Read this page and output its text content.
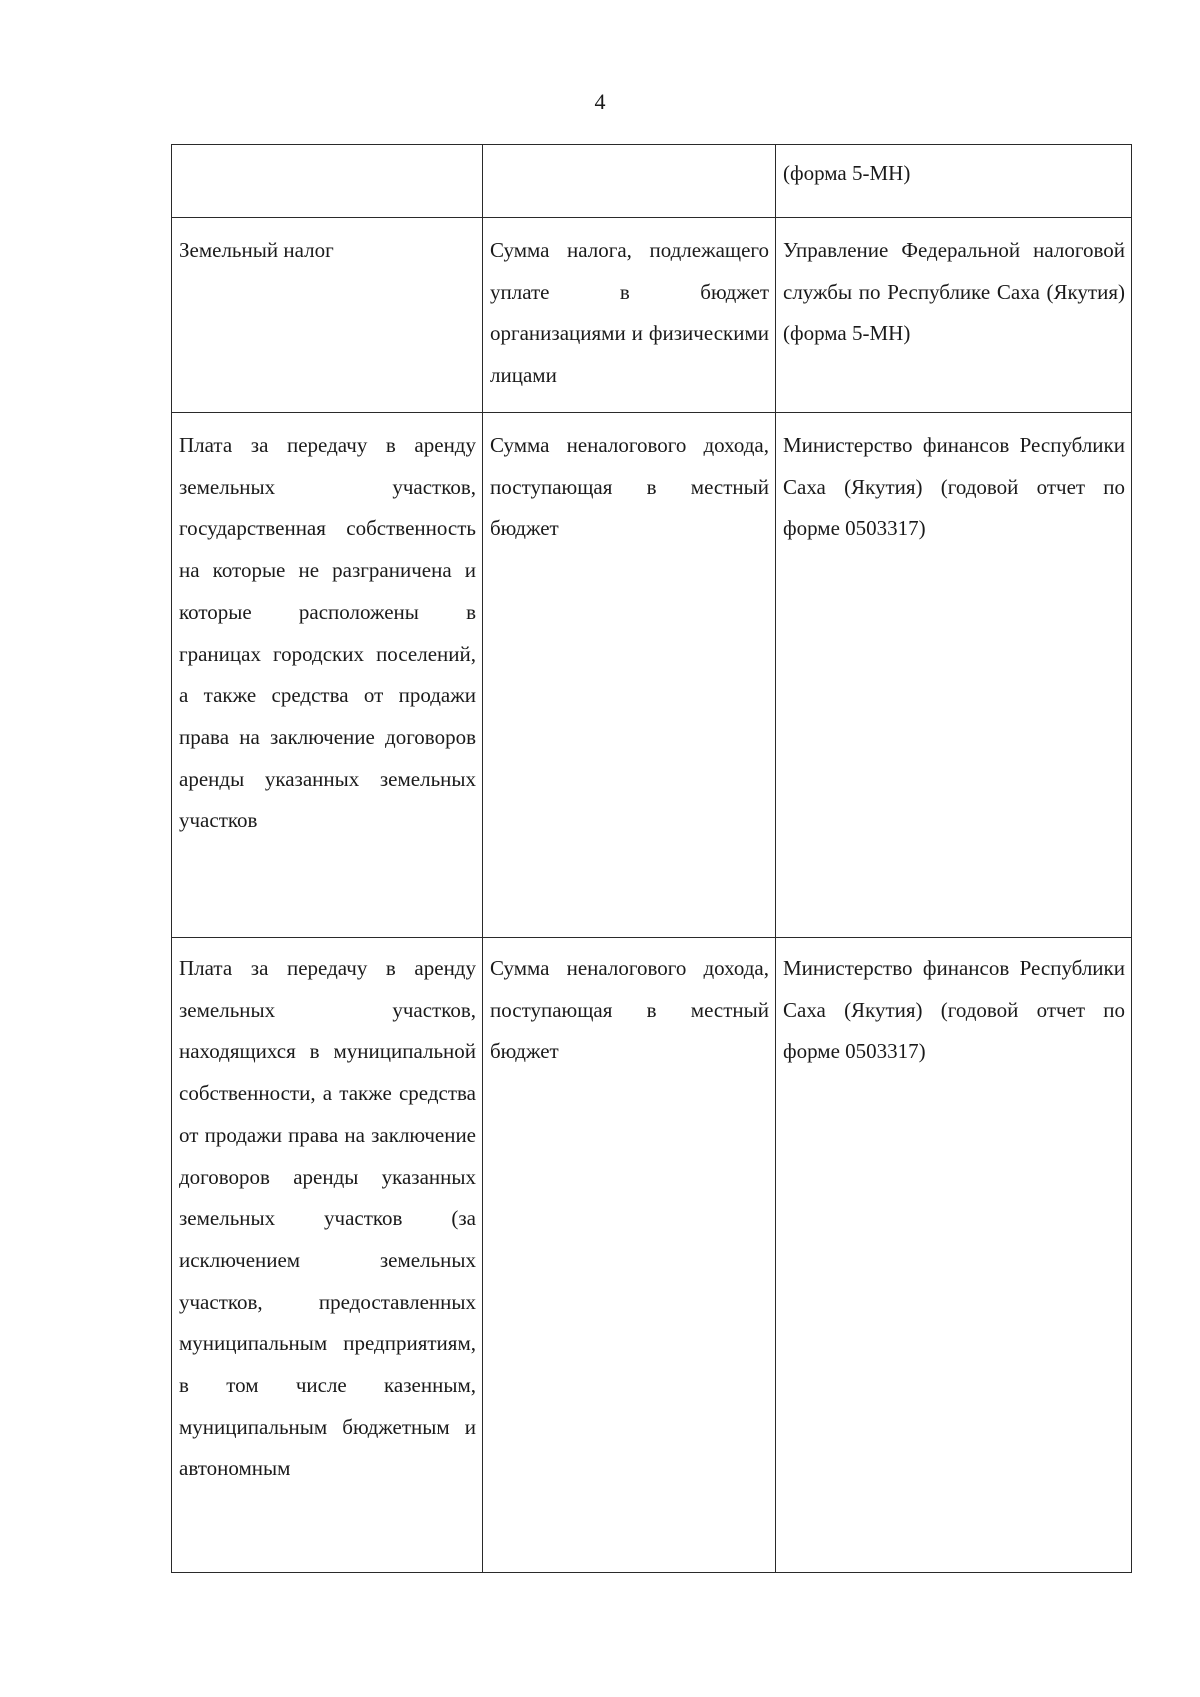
4

		(форма 5-МН)

Земельный налог	Сумма налога, подлежащего уплате в бюджет организациями и физическими лицами	Управление Федеральной налоговой службы по Республике Саха (Якутия) (форма 5-МН)

Плата за передачу в аренду земельных участков, государственная собственность на которые не разграничена и которые расположены в границах городских поселений, а также средства от продажи права на заключение договоров аренды указанных земельных участков	Сумма неналогового дохода, поступающая в местный бюджет	Министерство финансов Республики Саха (Якутия) (годовой отчет по форме 0503317)

Плата за передачу в аренду земельных участков, находящихся в муниципальной собственности, а также средства от продажи права на заключение договоров аренды указанных земельных участков (за исключением земельных участков, предоставленных муниципальным предприятиям, в том числе казенным, муниципальным бюджетным и автономным	Сумма неналогового дохода, поступающая в местный бюджет	Министерство финансов Республики Саха (Якутия) (годовой отчет по форме 0503317)
